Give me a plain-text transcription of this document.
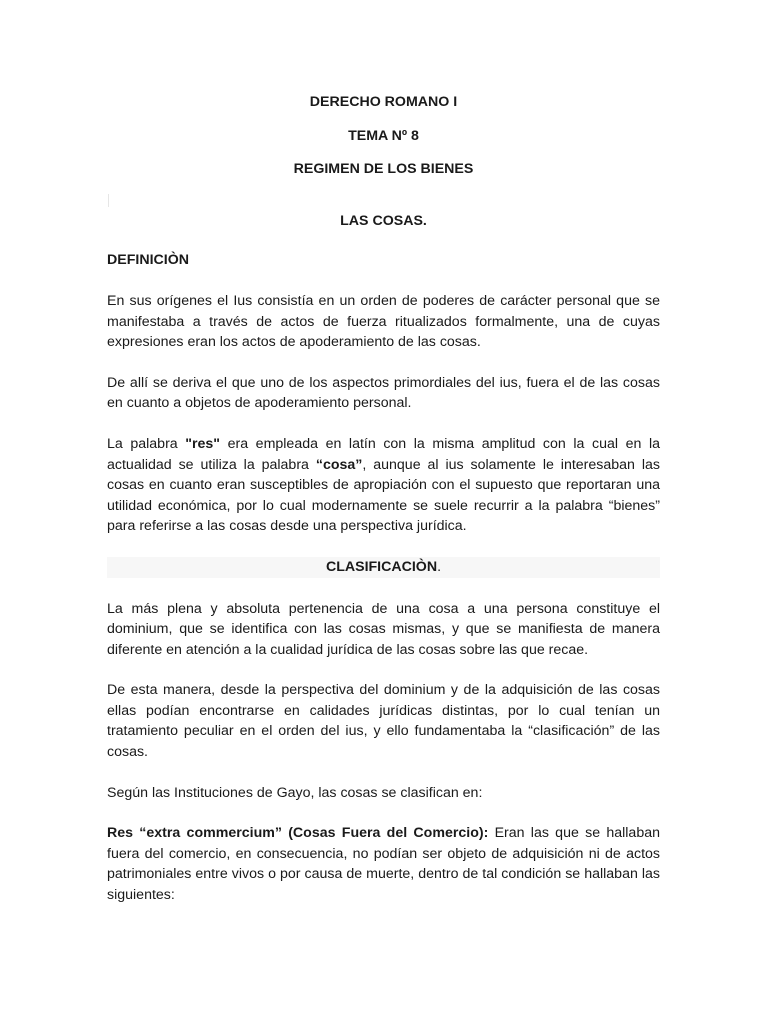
DERECHO ROMANO I
TEMA Nº 8
REGIMEN DE LOS BIENES
LAS COSAS.
DEFINICIÒN

En sus orígenes el Ius consistía en un orden de poderes de carácter personal que se manifestaba a través de actos de fuerza ritualizados formalmente, una de cuyas expresiones eran los actos de apoderamiento de las cosas.

De allí se deriva el que uno de los aspectos primordiales del ius, fuera el de las cosas en cuanto a objetos de apoderamiento personal.

La palabra "res" era empleada en latín con la misma amplitud con la cual en la actualidad se utiliza la palabra “cosa”, aunque al ius solamente le interesaban las cosas en cuanto eran susceptibles de apropiación con el supuesto que reportaran una utilidad económica, por lo cual modernamente se suele recurrir a la palabra “bienes” para referirse a las cosas desde una perspectiva jurídica.

CLASIFICACIÒN.

La más plena y absoluta pertenencia de una cosa a una persona constituye el dominium, que se identifica con las cosas mismas, y que se manifiesta de manera diferente en atención a la cualidad jurídica de las cosas sobre las que recae.

De esta manera, desde la perspectiva del dominium y de la adquisición de las cosas ellas podían encontrarse en calidades jurídicas distintas, por lo cual tenían un tratamiento peculiar en el orden del ius, y ello fundamentaba la “clasificación” de las cosas.

Según las Instituciones de Gayo, las cosas se clasifican en:

Res “extra commercium” (Cosas Fuera del Comercio): Eran las que se hallaban fuera del comercio, en consecuencia, no podían ser objeto de adquisición ni de actos patrimoniales entre vivos o por causa de muerte, dentro de tal condición se hallaban las siguientes:
